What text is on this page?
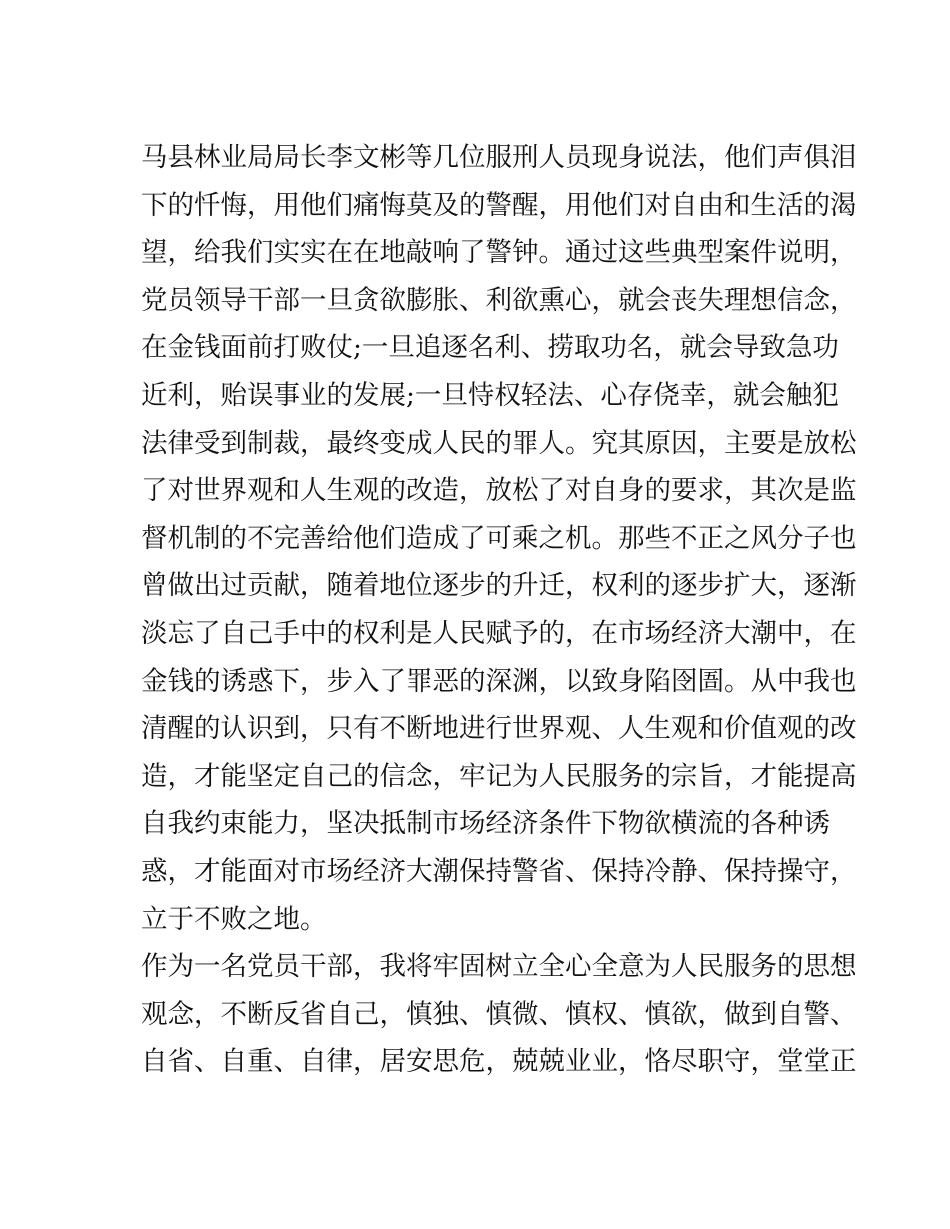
马县林业局局长李文彬等几位服刑人员现身说法，他们声俱泪
下的忏悔，用他们痛悔莫及的警醒，用他们对自由和生活的渴
望，给我们实实在在地敲响了警钟。通过这些典型案件说明，
党员领导干部一旦贪欲膨胀、利欲熏心，就会丧失理想信念，
在金钱面前打败仗;一旦追逐名利、捞取功名，就会导致急功
近利，贻误事业的发展;一旦恃权轻法、心存侥幸，就会触犯
法律受到制裁，最终变成人民的罪人。究其原因，主要是放松
了对世界观和人生观的改造，放松了对自身的要求，其次是监
督机制的不完善给他们造成了可乘之机。那些不正之风分子也
曾做出过贡献，随着地位逐步的升迁，权利的逐步扩大，逐渐
淡忘了自己手中的权利是人民赋予的，在市场经济大潮中，在
金钱的诱惑下，步入了罪恶的深渊，以致身陷囹圄。从中我也
清醒的认识到，只有不断地进行世界观、人生观和价值观的改
造，才能坚定自己的信念，牢记为人民服务的宗旨，才能提高
自我约束能力，坚决抵制市场经济条件下物欲横流的各种诱
惑，才能面对市场经济大潮保持警省、保持冷静、保持操守，
立于不败之地。
作为一名党员干部，我将牢固树立全心全意为人民服务的思想
观念，不断反省自己，慎独、慎微、慎权、慎欲，做到自警、
自省、自重、自律，居安思危，兢兢业业，恪尽职守，堂堂正
